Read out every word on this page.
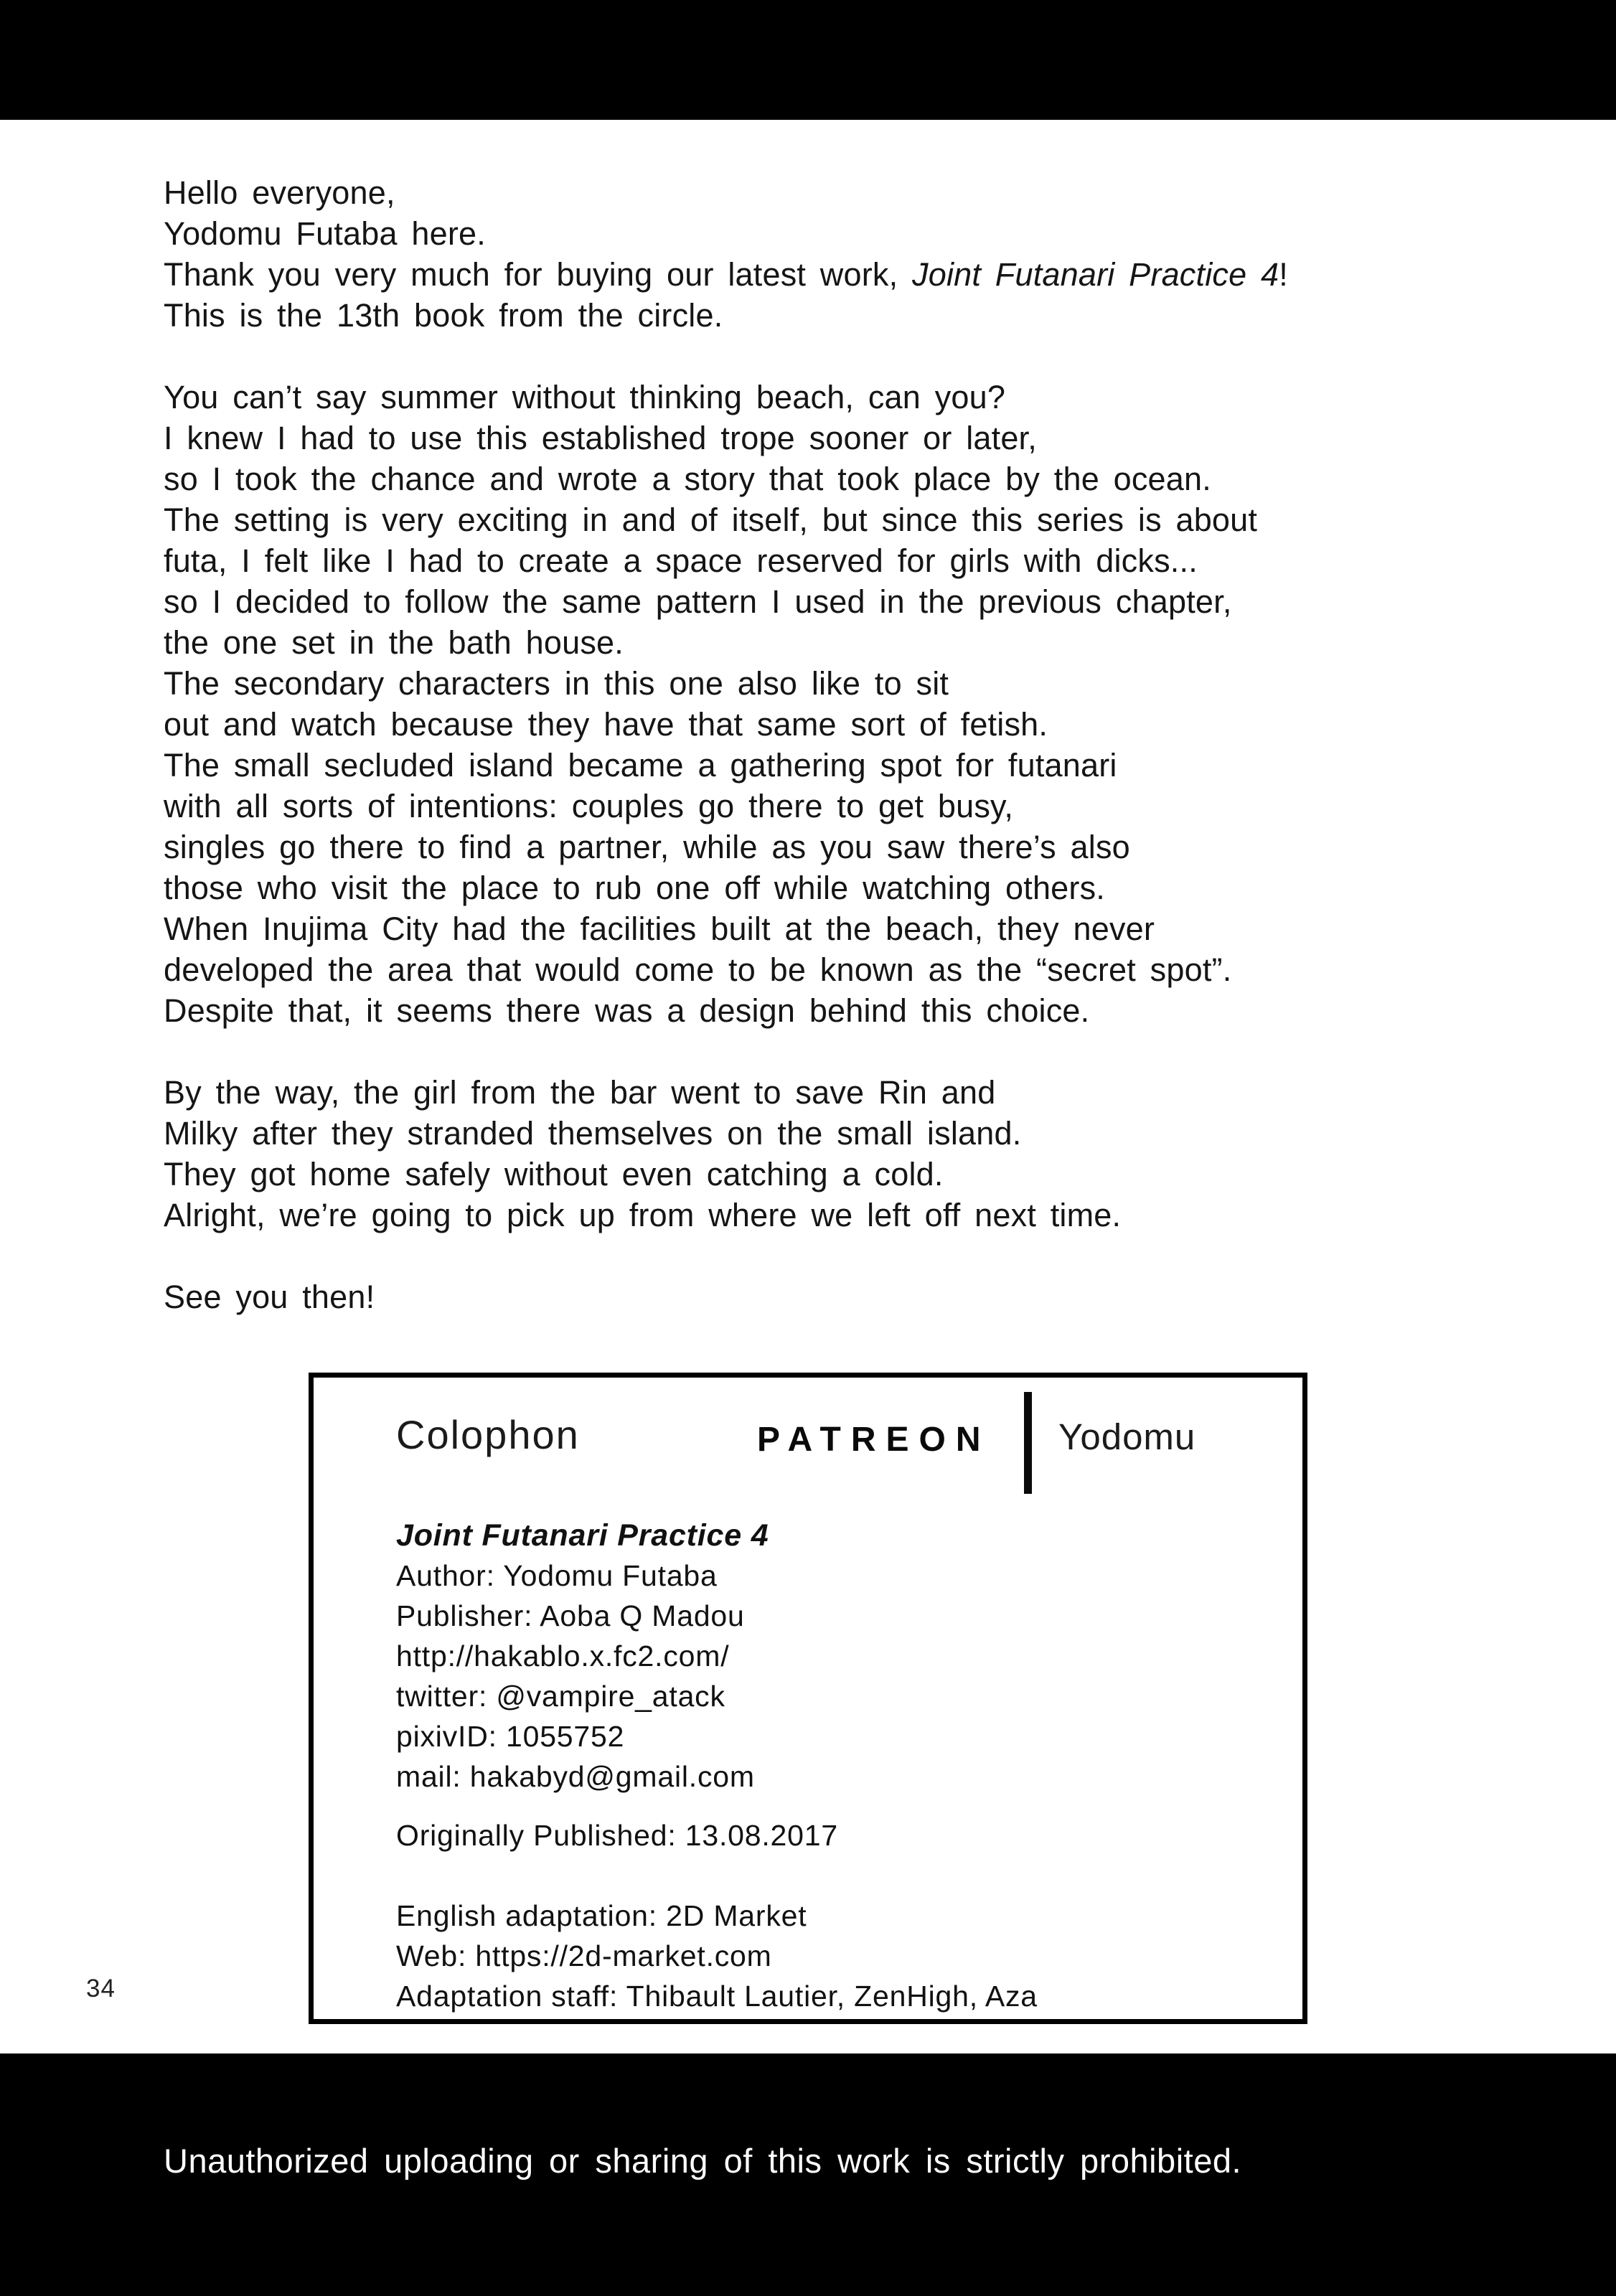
Hello everyone,
Yodomu Futaba here.
Thank you very much for buying our latest work, Joint Futanari Practice 4!
This is the 13th book from the circle.
You can’t say summer without thinking beach, can you?
I knew I had to use this established trope sooner or later,
so I took the chance and wrote a story that took place by the ocean.
The setting is very exciting in and of itself, but since this series is about
futa, I felt like I had to create a space reserved for girls with dicks...
so I decided to follow the same pattern I used in the previous chapter,
the one set in the bath house.
The secondary characters in this one also like to sit
out and watch because they have that same sort of fetish.
The small secluded island became a gathering spot for futanari
with all sorts of intentions: couples go there to get busy,
singles go there to find a partner, while as you saw there’s also
those who visit the place to rub one off while watching others.
When Inujima City had the facilities built at the beach, they never
developed the area that would come to be known as the “secret spot”.
Despite that, it seems there was a design behind this choice.
By the way, the girl from the bar went to save Rin and
Milky after they stranded themselves on the small island.
They got home safely without even catching a cold.
Alright, we’re going to pick up from where we left off next time.
See you then!
Colophon	PATREON Yodomu
Joint Futanari Practice 4
Author: Yodomu Futaba
Publisher: Aoba Q Madou
http://hakablo.x.fc2.com/
twitter: @vampire_atack
pixivID: 1055752
mail: hakabyd@gmail.com
Originally Published: 13.08.2017
English adaptation: 2D Market
Web: https://2d-market.com
Adaptation staff: Thibault Lautier, ZenHigh, Aza
34
Unauthorized uploading or sharing of this work is strictly prohibited.
